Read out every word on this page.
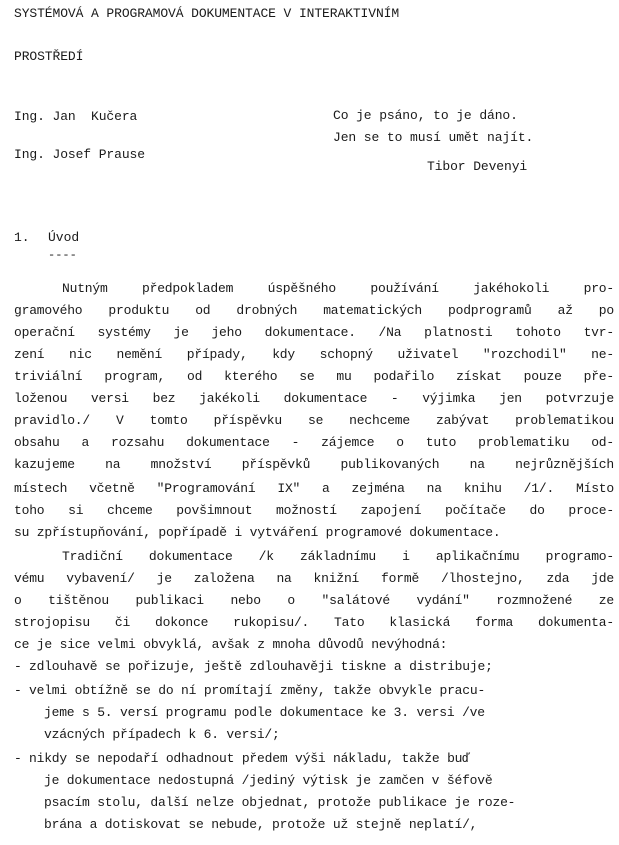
SYSTÉMOVÁ A PROGRAMOVÁ DOKUMENTACE V INTERAKTIVNÍM
PROSTŘEDÍ
Ing. Jan  Kučera
Ing. Josef Prause
Co je psáno, to je dáno.
Jen se to musí umět najít.
Tibor Devenyi
1. Úvod
----
Nutným předpokladem úspěšného používání jakéhokoli pro-
gramového produktu od drobných matematických podprogramů až po
operační systémy je jeho dokumentace. /Na platnosti tohoto tvr-
zení nic nemění případy, kdy schopný uživatel "rozchodil" ne-
triviální program, od kterého se mu podařilo získat pouze pře-
loženou versi bez jakékoli dokumentace - výjimka jen potvrzuje
pravidlo./ V tomto příspěvku se nechceme zabývat problematikou
obsahu a rozsahu dokumentace - zájemce o tuto problematiku od-
kazujeme na množství příspěvků publikovaných na nejrůznějších
místech včetně "Programování IX" a zejména na knihu /1/. Místo
toho si chceme povšimnout možností zapojení počítače do proce-
su zpřístupňování, popřípadě i vytváření programové dokumentace.
Tradiční dokumentace /k základnímu i aplikačnímu programo-
vému vybavení/ je založena na knižní formě /lhostejno, zda jde
o tištěnou publikaci nebo o "salátové vydání" rozmnožené ze
strojopisu či dokonce rukopisu/. Tato klasická forma dokumenta-
ce je sice velmi obvyklá, avšak z mnoha důvodů nevýhodná:
- zdlouhavě se pořizuje, ještě zdlouhavěji tiskne a distribuje;
- velmi obtížně se do ní promítají změny, takže obvykle pracu-
jeme s 5. versí programu podle dokumentace ke 3. versi /ve
vzácných případech k 6. versi/;
- nikdy se nepodaří odhadnout předem výši nákladu, takže buď
je dokumentace nedostupná /jediný výtisk je zamčen v šéfově
psacím stolu, další nelze objednat, protože publikace je roze-
brána a dotiskovat se nebude, protože už stejně neplatí/,
